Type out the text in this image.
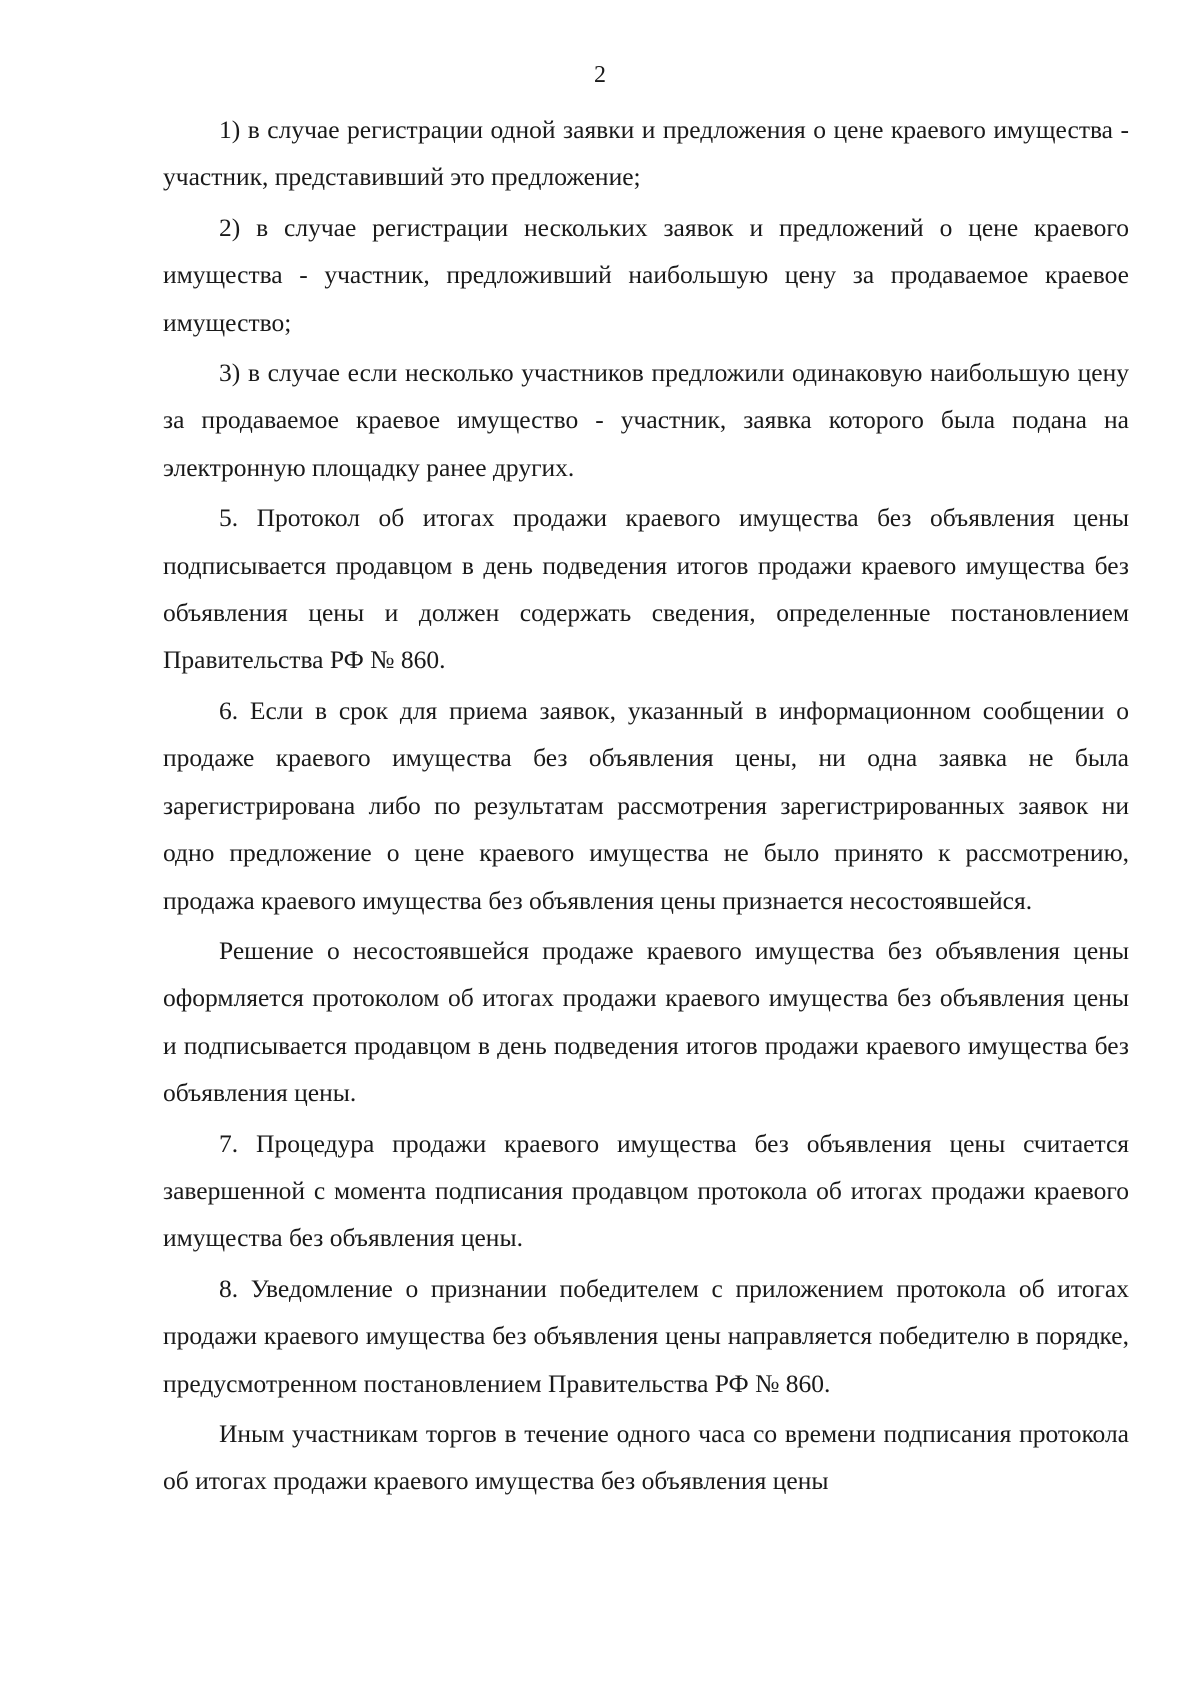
2

1) в случае регистрации одной заявки и предложения о цене краевого имущества - участник, представивший это предложение;

2) в случае регистрации нескольких заявок и предложений о цене краевого имущества - участник, предложивший наибольшую цену за продаваемое краевое имущество;

3) в случае если несколько участников предложили одинаковую наибольшую цену за продаваемое краевое имущество - участник, заявка которого была подана на электронную площадку ранее других.

5. Протокол об итогах продажи краевого имущества без объявления цены подписывается продавцом в день подведения итогов продажи краевого имущества без объявления цены и должен содержать сведения, определенные постановлением Правительства РФ № 860.

6. Если в срок для приема заявок, указанный в информационном сообщении о продаже краевого имущества без объявления цены, ни одна заявка не была зарегистрирована либо по результатам рассмотрения зарегистрированных заявок ни одно предложение о цене краевого имущества не было принято к рассмотрению, продажа краевого имущества без объявления цены признается несостоявшейся.

Решение о несостоявшейся продаже краевого имущества без объявления цены оформляется протоколом об итогах продажи краевого имущества без объявления цены и подписывается продавцом в день подведения итогов продажи краевого имущества без объявления цены.

7. Процедура продажи краевого имущества без объявления цены считается завершенной с момента подписания продавцом протокола об итогах продажи краевого имущества без объявления цены.

8. Уведомление о признании победителем с приложением протокола об итогах продажи краевого имущества без объявления цены направляется победителю в порядке, предусмотренном постановлением Правительства РФ № 860.

Иным участникам торгов в течение одного часа со времени подписания протокола об итогах продажи краевого имущества без объявления цены
